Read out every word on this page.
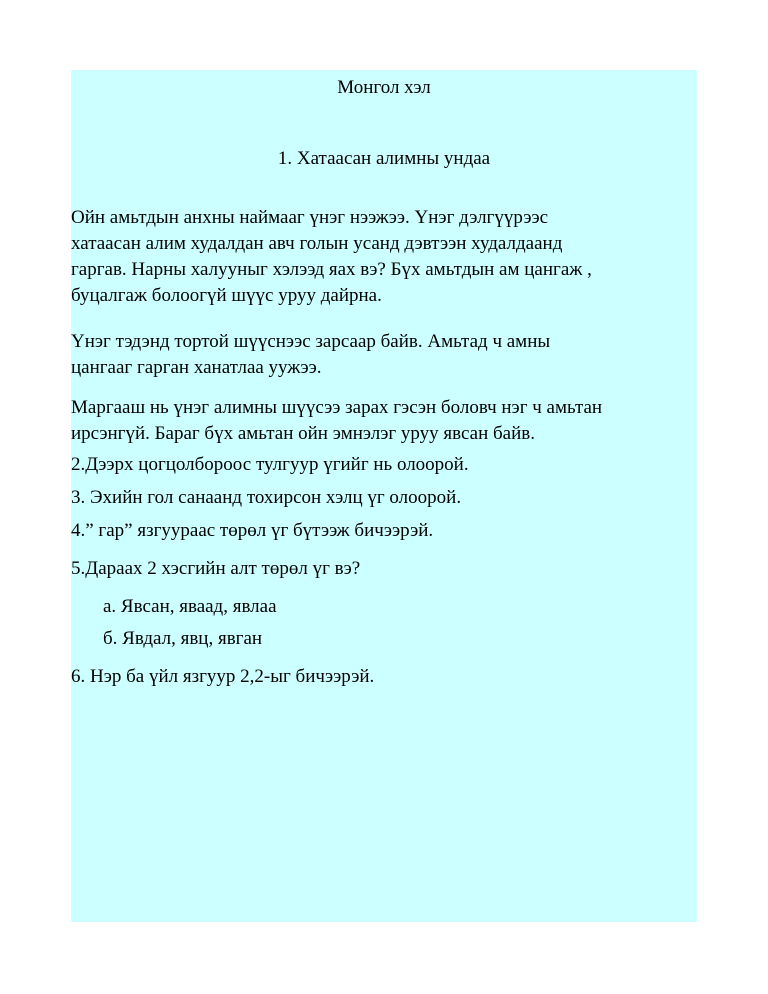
Монгол хэл

1. Хатаасан алимны ундаа

Ойн амьтдын анхны наймааг үнэг нээжээ. Үнэг дэлгүүрээс

хатаасан алим худалдан авч голын усанд дэвтээн худалдаанд

гаргав. Нарны халууныг хэлээд яах вэ? Бүх амьтдын ам цангаж ,

буцалгаж болоогүй шүүс уруу дайрна.

Үнэг тэдэнд тортой шүүснээс зарсаар байв. Амьтад ч амны

цангааг гарган ханатлаа уужээ.

Маргааш нь үнэг алимны шүүсээ зарах гэсэн боловч нэг ч амьтан

ирсэнгүй. Бараг бүх амьтан ойн эмнэлэг уруу явсан байв.

2.Дээрх цогцолбороос тулгуур үгийг нь олоорой.

3. Эхийн гол санаанд тохирсон хэлц үг олоорой.

4.” гар” язгуураас төрөл үг бүтээж бичээрэй.

5.Дараах 2 хэсгийн алт төрөл үг вэ?

а. Явсан, яваад, явлаа

б. Явдал, явц, явган

6. Нэр ба үйл язгуур 2,2-ыг бичээрэй.
